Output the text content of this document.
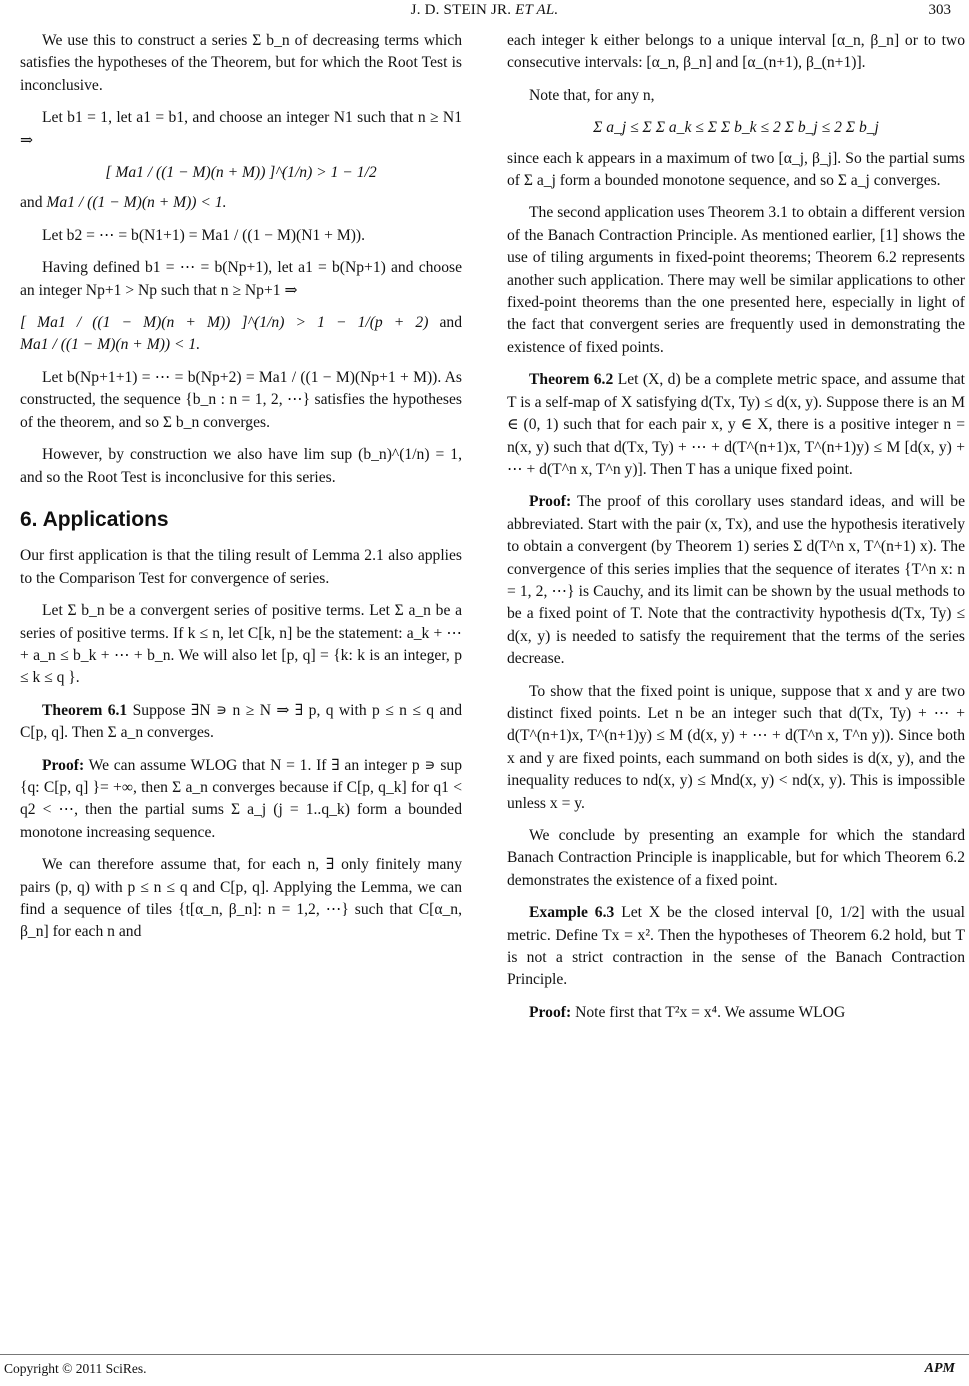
J. D. STEIN JR. ET AL.	303

We use this to construct a series Σ b_n of decreasing terms which satisfies the hypotheses of the Theorem, but for which the Root Test is inconclusive.

Let b1 = 1, let a1 = b1, and choose an integer N1 such that n ≥ N1 ⇒

[ Ma1 / ((1 − M)(n + M)) ]^(1/n) > 1 − 1/2

and Ma1 / ((1 − M)(n + M)) < 1.

Let b2 = ⋯ = b(N1+1) = Ma1 / ((1 − M)(N1 + M)).

Having defined b1 = ⋯ = b(Np+1), let a1 = b(Np+1) and choose an integer Np+1 > Np such that n ≥ Np+1 ⇒

[ Ma1 / ((1 − M)(n + M)) ]^(1/n) > 1 − 1/(p + 2) and Ma1 / ((1 − M)(n + M)) < 1.

Let b(Np+1+1) = ⋯ = b(Np+2) = Ma1 / ((1 − M)(Np+1 + M)). As constructed, the sequence {b_n : n = 1, 2, ⋯} satisfies the hypotheses of the theorem, and so Σ b_n converges.

However, by construction we also have lim sup (b_n)^(1/n) = 1, and so the Root Test is inconclusive for this series.

6. Applications

Our first application is that the tiling result of Lemma 2.1 also applies to the Comparison Test for convergence of series.

Let Σ b_n be a convergent series of positive terms. Let Σ a_n be a series of positive terms. If k ≤ n, let C[k, n] be the statement: a_k + ⋯ + a_n ≤ b_k + ⋯ + b_n. We will also let [p, q] = {k: k is an integer, p ≤ k ≤ q }.

Theorem 6.1 Suppose ∃N ∍ n ≥ N ⇒ ∃ p, q with p ≤ n ≤ q and C[p, q]. Then Σ a_n converges.

Proof: We can assume WLOG that N = 1. If ∃ an integer p ∍ sup {q: C[p, q] }= +∞, then Σ a_n converges because if C[p, q_k] for q1 < q2 < ⋯, then the partial sums Σ a_j (j = 1..q_k) form a bounded monotone increasing sequence.

We can therefore assume that, for each n, ∃ only finitely many pairs (p, q) with p ≤ n ≤ q and C[p, q]. Applying the Lemma, we can find a sequence of tiles {t[α_n, β_n]: n = 1,2, ⋯} such that C[α_n, β_n] for each n and

each integer k either belongs to a unique interval [α_n, β_n] or to two consecutive intervals: [α_n, β_n] and [α_(n+1), β_(n+1)].

Note that, for any n,

Σ a_j ≤ Σ Σ a_k ≤ Σ Σ b_k ≤ 2 Σ b_j ≤ 2 Σ b_j

since each k appears in a maximum of two [α_j, β_j]. So the partial sums of Σ a_j form a bounded monotone sequence, and so Σ a_j converges.

The second application uses Theorem 3.1 to obtain a different version of the Banach Contraction Principle. As mentioned earlier, [1] shows the use of tiling arguments in fixed-point theorems; Theorem 6.2 represents another such application. There may well be similar applications to other fixed-point theorems than the one presented here, especially in light of the fact that convergent series are frequently used in demonstrating the existence of fixed points.

Theorem 6.2 Let (X, d) be a complete metric space, and assume that T is a self-map of X satisfying d(Tx, Ty) ≤ d(x, y). Suppose there is an M ∈ (0, 1) such that for each pair x, y ∈ X, there is a positive integer n = n(x, y) such that d(Tx, Ty) + ⋯ + d(T^(n+1)x, T^(n+1)y) ≤ M [d(x, y) + ⋯ + d(T^n x, T^n y)]. Then T has a unique fixed point.

Proof: The proof of this corollary uses standard ideas, and will be abbreviated. Start with the pair (x, Tx), and use the hypothesis iteratively to obtain a convergent (by Theorem 1) series Σ d(T^n x, T^(n+1) x). The convergence of this series implies that the sequence of iterates {T^n x: n = 1, 2, ⋯} is Cauchy, and its limit can be shown by the usual methods to be a fixed point of T. Note that the contractivity hypothesis d(Tx, Ty) ≤ d(x, y) is needed to satisfy the requirement that the terms of the series decrease.

To show that the fixed point is unique, suppose that x and y are two distinct fixed points. Let n be an integer such that d(Tx, Ty) + ⋯ + d(T^(n+1)x, T^(n+1)y) ≤ M (d(x, y) + ⋯ + d(T^n x, T^n y)). Since both x and y are fixed points, each summand on both sides is d(x, y), and the inequality reduces to nd(x, y) ≤ Mnd(x, y) < nd(x, y). This is impossible unless x = y.

We conclude by presenting an example for which the standard Banach Contraction Principle is inapplicable, but for which Theorem 6.2 demonstrates the existence of a fixed point.

Example 6.3 Let X be the closed interval [0, 1/2] with the usual metric. Define Tx = x². Then the hypotheses of Theorem 6.2 hold, but T is not a strict contraction in the sense of the Banach Contraction Principle.

Proof: Note first that T²x = x⁴. We assume WLOG

Copyright © 2011 SciRes.	APM
